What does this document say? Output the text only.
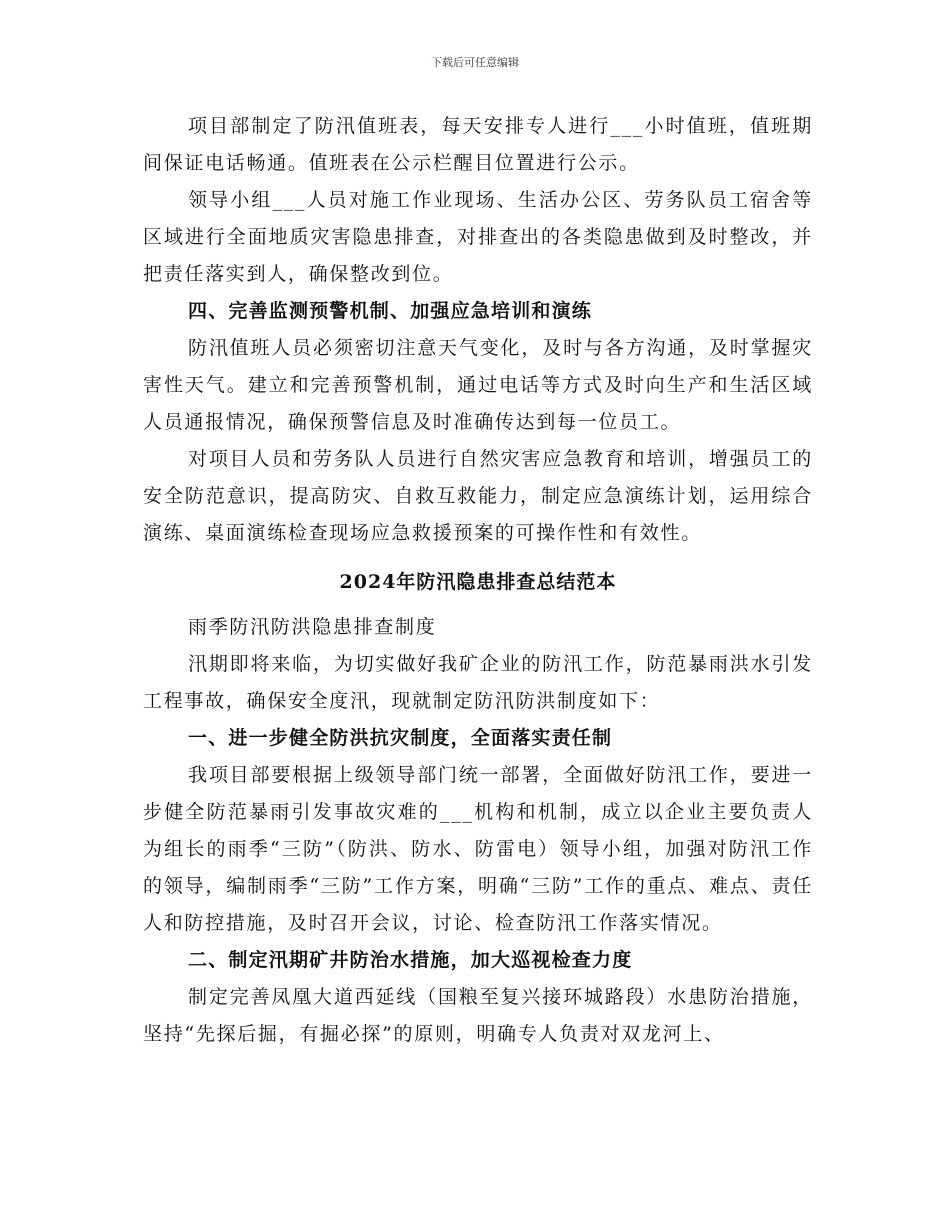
下载后可任意编辑

项目部制定了防汛值班表，每天安排专人进行___小时值班，值班期间保证电话畅通。值班表在公示栏醒目位置进行公示。

领导小组___人员对施工作业现场、生活办公区、劳务队员工宿舍等区域进行全面地质灾害隐患排查，对排查出的各类隐患做到及时整改，并把责任落实到人，确保整改到位。

四、完善监测预警机制、加强应急培训和演练

防汛值班人员必须密切注意天气变化，及时与各方沟通，及时掌握灾害性天气。建立和完善预警机制，通过电话等方式及时向生产和生活区域人员通报情况，确保预警信息及时准确传达到每一位员工。

对项目人员和劳务队人员进行自然灾害应急教育和培训，增强员工的安全防范意识，提高防灾、自救互救能力，制定应急演练计划，运用综合演练、桌面演练检查现场应急救援预案的可操作性和有效性。

2024年防汛隐患排查总结范本

雨季防汛防洪隐患排查制度

汛期即将来临，为切实做好我矿企业的防汛工作，防范暴雨洪水引发工程事故，确保安全度汛，现就制定防汛防洪制度如下：

一、进一步健全防洪抗灾制度，全面落实责任制

我项目部要根据上级领导部门统一部署，全面做好防汛工作，要进一步健全防范暴雨引发事故灾难的___机构和机制，成立以企业主要负责人为组长的雨季“三防”（防洪、防水、防雷电）领导小组，加强对防汛工作的领导，编制雨季“三防”工作方案，明确“三防”工作的重点、难点、责任人和防控措施，及时召开会议，讨论、检查防汛工作落实情况。

二、制定汛期矿井防治水措施，加大巡视检查力度

制定完善凤凰大道西延线（国粮至复兴接环城路段）水患防治措施，坚持“先探后掘，有掘必探”的原则，明确专人负责对双龙河上、
